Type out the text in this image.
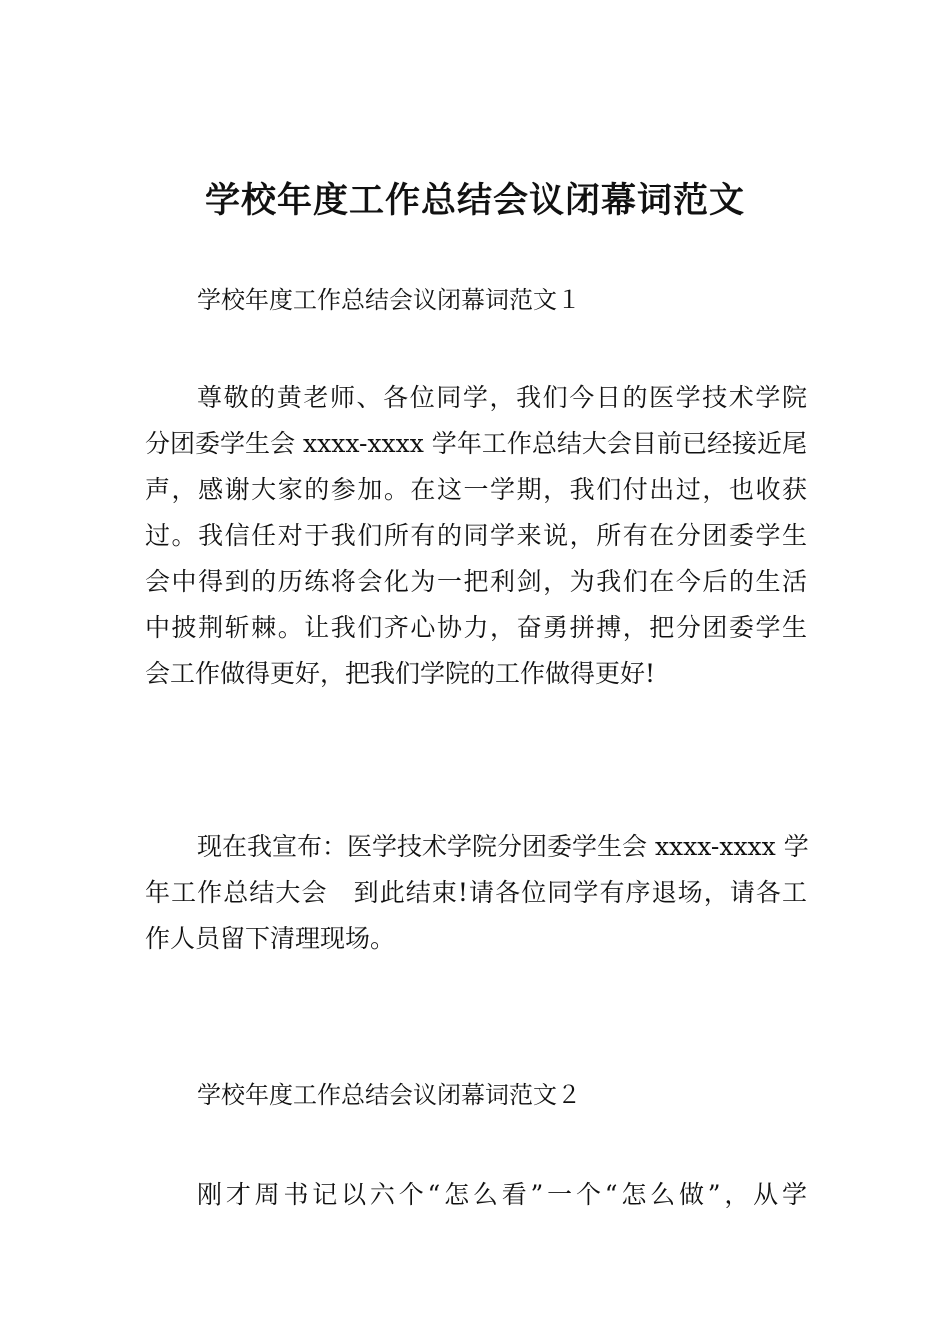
学校年度工作总结会议闭幕词范文

学校年度工作总结会议闭幕词范文１

尊敬的黄老师、各位同学，我们今日的医学技术学院
分团委学生会 xxxx-xxxx 学年工作总结大会目前已经接近尾
声，感谢大家的参加。在这一学期，我们付出过，也收获
过。我信任对于我们所有的同学来说，所有在分团委学生
会中得到的历练将会化为一把利剑，为我们在今后的生活
中披荆斩棘。让我们齐心协力，奋勇拼搏，把分团委学生
会工作做得更好，把我们学院的工作做得更好!
现在我宣布：医学技术学院分团委学生会 xxxx-xxxx 学
年工作总结大会　到此结束!请各位同学有序退场，请各工
作人员留下清理现场。

学校年度工作总结会议闭幕词范文２

刚才周书记以六个“怎么看”一个“怎么做”，从学
